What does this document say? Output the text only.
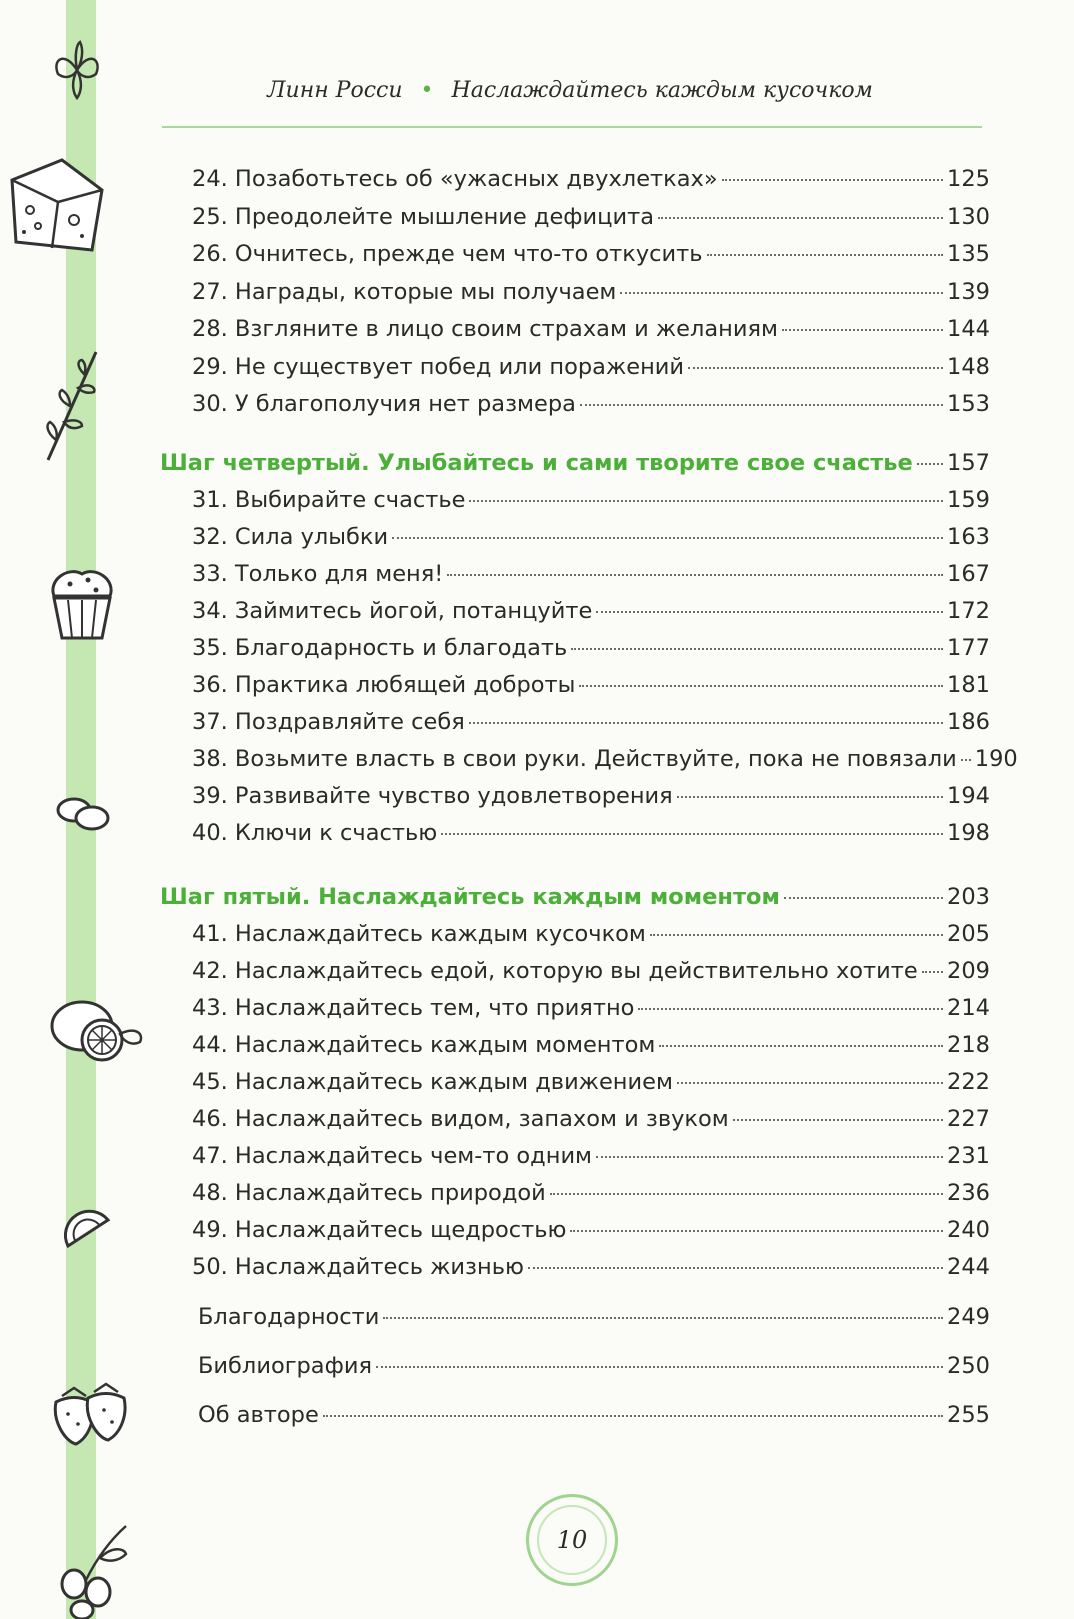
Линн Росси • Наслаждайтесь каждым кусочком
24. Позаботьтесь об «ужасных двухлетках»	125
25. Преодолейте мышление дефицита	130
26. Очнитесь, прежде чем что-то откусить	135
27. Награды, которые мы получаем	139
28. Взгляните в лицо своим страхам и желаниям	144
29. Не существует побед или поражений	148
30. У благополучия нет размера	153
Шаг четвертый. Улыбайтесь и сами творите свое счастье 157
31. Выбирайте счастье	159
32. Сила улыбки	163
33. Только для меня!	167
34. Займитесь йогой, потанцуйте	172
35. Благодарность и благодать	177
36. Практика любящей доброты	181
37. Поздравляйте себя	186
38. Возьмите власть в свои руки. Действуйте, пока не повязали 190
39. Развивайте чувство удовлетворения	194
40. Ключи к счастью	198
Шаг пятый. Наслаждайтесь каждым моментом	203
41. Наслаждайтесь каждым кусочком	205
42. Наслаждайтесь едой, которую вы действительно хотите 209
43. Наслаждайтесь тем, что приятно	214
44. Наслаждайтесь каждым моментом	218
45. Наслаждайтесь каждым движением	222
46. Наслаждайтесь видом, запахом и звуком	227
47. Наслаждайтесь чем-то одним	231
48. Наслаждайтесь природой	236
49. Наслаждайтесь щедростью	240
50. Наслаждайтесь жизнью	244
Благодарности	249
Библиография	250
Об авторе	255
10
